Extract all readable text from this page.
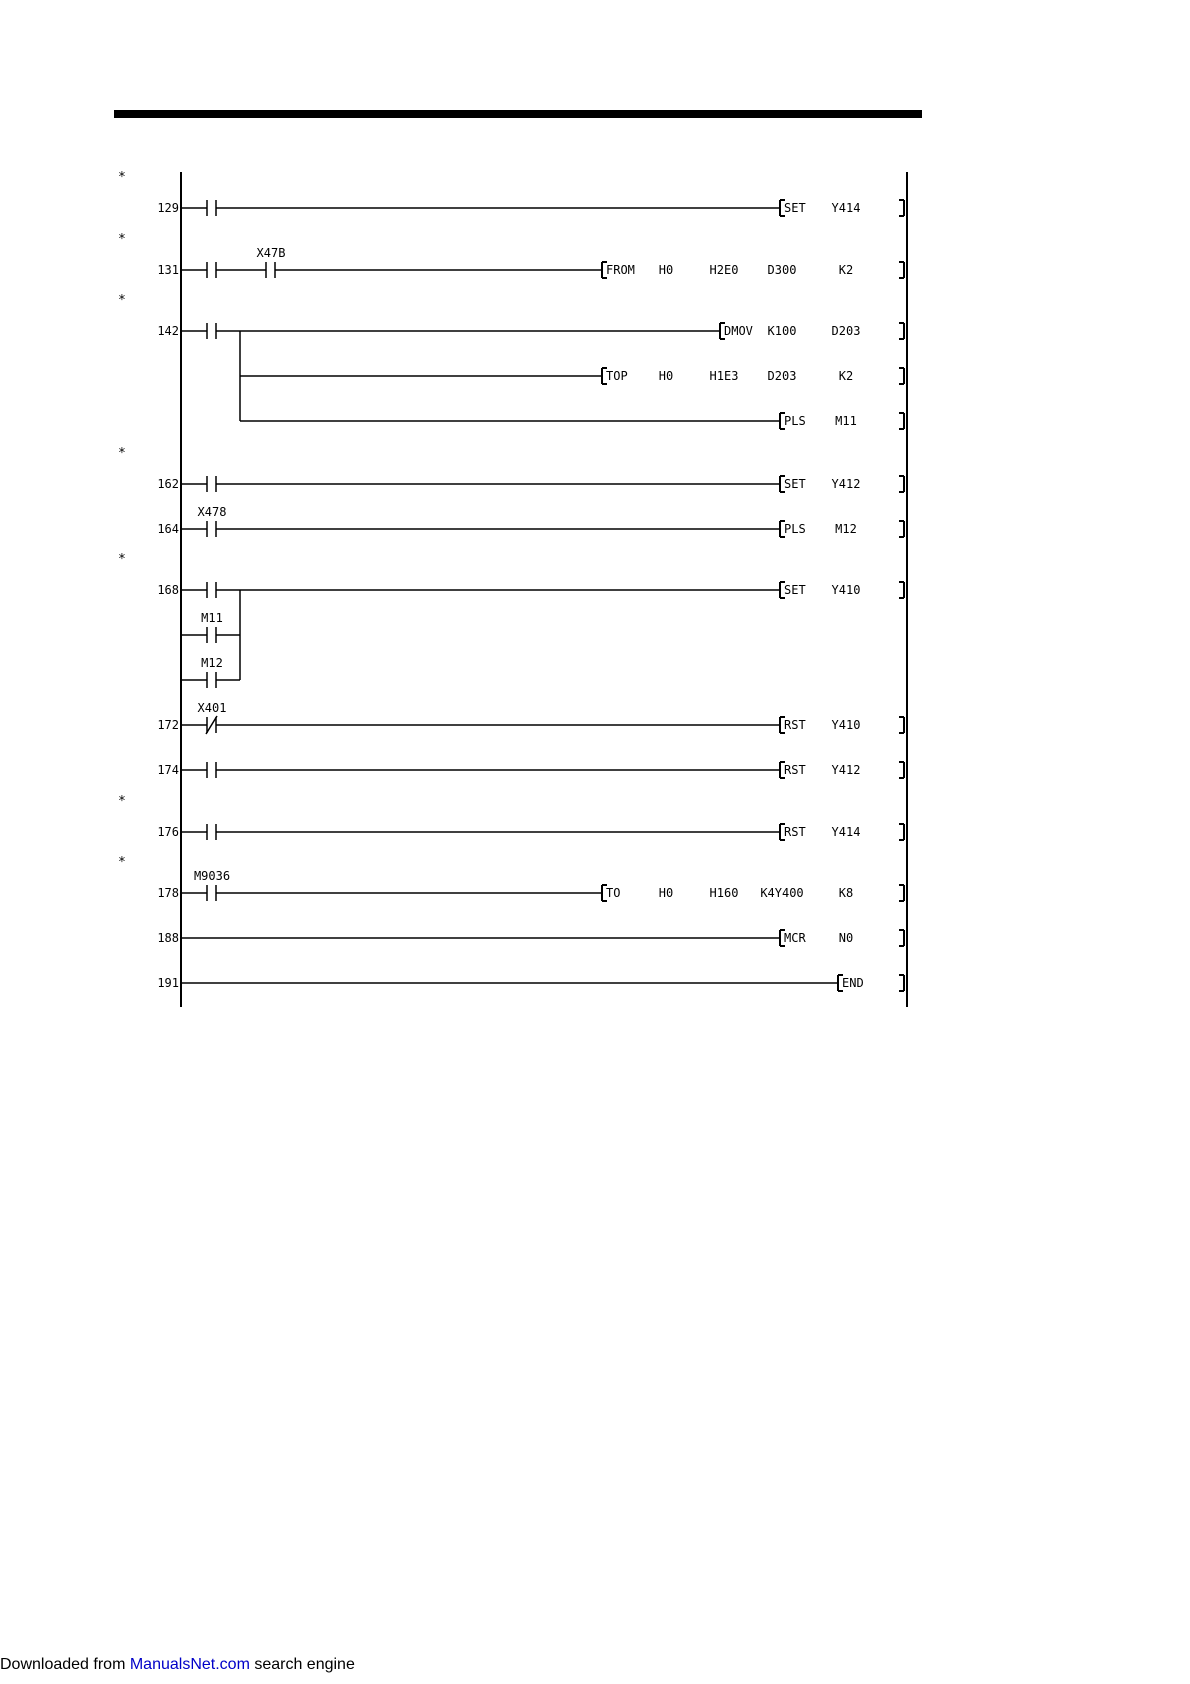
*
129	SET Y414
*
131
X47B
FROM H0	H2E0 D300	K2
*
142	DMOV K100	D203
TOP	H0	H1E3 D203	K2
PLS M11
*
162	SET Y412
164
X478
PLS M12
*
168	SET Y410
172
X401
RST Y410
174	RST Y412
*
176	RST Y414
*
178
M9036
TO	H0	H160 K4Y400	K8
188	MCR	N0
191	END
M11
M12
Downloaded from ManualsNet.com search engine
